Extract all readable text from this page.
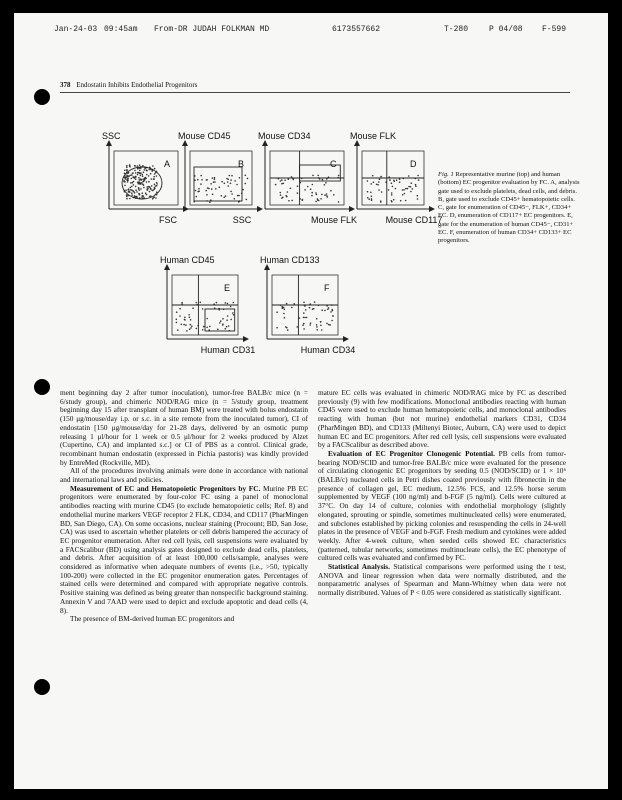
Jan-24-03 09:45am From-DR JUDAH FOLKMAN MD	6173557662	T-280	P 04/08 F-599
378 Endostatin Inhibits Endothelial Progenitors
A
SSC
FSC
B
Mouse CD45
SSC
C
Mouse CD34
Mouse FLK
D
Mouse FLK
Mouse CD117
E
Human CD45
Human CD31
F
Human CD133
Human CD34
Fig. 1 Representative murine (top) and human (bottom) EC progenitor evaluation by FC. A, analysis gate used to exclude platelets, dead cells, and debris. B, gate used to exclude CD45+ hematopoietic cells. C, gate for enumeration of CD45−, FLK+, CD34+ EC. D, enumeration of CD117+ EC progenitors. E, gate for the enumeration of human CD45−, CD31+ EC. F, enumeration of human CD34+ CD133+ EC progenitors.

ment beginning day 2 after tumor inoculation), tumor-free BALB/c mice (n = 6/study group), and chimeric NOD/RAG mice (n = 5/study group, treatment beginning day 15 after transplant of human BM) were treated with bolus endostatin (150 μg/mouse/day i.p. or s.c. in a site remote from the inoculated tumor), CI of endostatin [150 μg/mouse/day for 21-28 days, delivered by an osmotic pump releasing 1 μl/hour for 1 week or 0.5 μl/hour for 2 weeks produced by Alzet (Cupertino, CA) and implanted s.c.] or CI of PBS as a control. Clinical grade, recombinant human endostatin (expressed in Pichia pastoris) was kindly provided by EntreMed (Rockville, MD).

All of the procedures involving animals were done in accordance with national and international laws and policies.

Measurement of EC and Hematopoietic Progenitors by FC. Murine PB EC progenitors were enumerated by four-color FC using a panel of monoclonal antibodies reacting with murine CD45 (to exclude hematopoietic cells; Ref. 8) and endothelial murine markers VEGF receptor 2 FLK, CD34, and CD117 (PharMingen BD, San Diego, CA). On some occasions, nuclear staining (Procount; BD, San Jose, CA) was used to ascertain whether platelets or cell debris hampered the accuracy of EC progenitor enumeration. After red cell lysis, cell suspensions were evaluated by a FACScalibur (BD) using analysis gates designed to exclude dead cells, platelets, and debris. After acquisition of at least 100,000 cells/sample, analyses were considered as informative when adequate numbers of events (i.e., >50, typically 100-200) were collected in the EC progenitor enumeration gates. Percentages of stained cells were determined and compared with appropriate negative controls. Positive staining was defined as being greater than nonspecific background staining. Annexin V and 7AAD were used to depict and exclude apoptotic and dead cells (4, 8).

The presence of BM-derived human EC progenitors and

mature EC cells was evaluated in chimeric NOD/RAG mice by FC as described previously (9) with few modifications. Monoclonal antibodies reacting with human CD45 were used to exclude human hematopoietic cells, and monoclonal antibodies reacting with human (but not murine) endothelial markers CD31, CD34 (PharMingen BD), and CD133 (Miltenyi Biotec, Auburn, CA) were used to depict human EC and EC progenitors. After red cell lysis, cell suspensions were evaluated by a FACScalibur as described above.

Evaluation of EC Progenitor Clonogenic Potential. PB cells from tumor-bearing NOD/SCID and tumor-free BALB/c mice were evaluated for the presence of circulating clonogenic EC progenitors by seeding 0.5 (NOD/SCID) or 1 × 10⁶ (BALB/c) nucleated cells in Petri dishes coated previously with fibronectin in the presence of collagen gel, EC medium, 12.5% FCS, and 12.5% horse serum supplemented by VEGF (100 ng/ml) and b-FGF (5 ng/ml). Cells were cultured at 37°C. On day 14 of culture, colonies with endothelial morphology (slightly elongated, sprouting or spindle, sometimes multinucleated cells) were enumerated, and subclones established by picking colonies and resuspending the cells in 24-well plates in the presence of VEGF and b-FGF. Fresh medium and cytokines were added weekly. After 4-week culture, when seeded cells showed EC characteristics (patterned, tubular networks, sometimes multinucleate cells), the EC phenotype of cultured cells was evaluated and confirmed by FC.

Statistical Analysis. Statistical comparisons were performed using the t test, ANOVA and linear regression when data were normally distributed, and the nonparametric analyses of Spearman and Mann-Whitney when data were not normally distributed. Values of P < 0.05 were considered as statistically significant.
